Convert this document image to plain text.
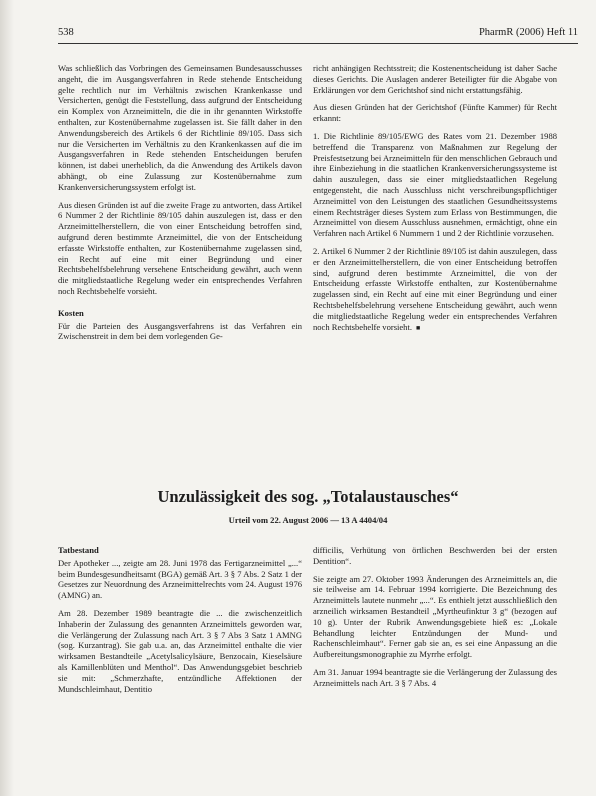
538	PharmR (2006) Heft 11

Was schließlich das Vorbringen des Gemeinsamen Bundesausschusses angeht, die im Ausgangsverfahren in Rede stehende Entscheidung gelte rechtlich nur im Verhältnis zwischen Krankenkasse und Versicherten, genügt die Feststellung, dass aufgrund der Entscheidung ein Komplex von Arzneimitteln, die die in ihr genannten Wirkstoffe enthalten, zur Kostenübernahme zugelassen ist. Sie fällt daher in den Anwendungsbereich des Artikels 6 der Richtlinie 89/105. Dass sich nur die Versicherten im Verhältnis zu den Krankenkassen auf die im Ausgangsverfahren in Rede stehenden Entscheidungen berufen können, ist dabei unerheblich, da die Anwendung des Artikels davon abhängt, ob eine Zulassung zur Kostenübernahme zum Krankenversicherungssystem erfolgt ist.

Aus diesen Gründen ist auf die zweite Frage zu antworten, dass Artikel 6 Nummer 2 der Richtlinie 89/105 dahin auszulegen ist, dass er den Arzneimittelherstellern, die von einer Entscheidung betroffen sind, aufgrund deren bestimmte Arzneimittel, die von der Entscheidung erfasste Wirkstoffe enthalten, zur Kostenübernahme zugelassen sind, ein Recht auf eine mit einer Begründung und einer Rechtsbehelfsbelehrung versehene Entscheidung gewährt, auch wenn die mitgliedstaatliche Regelung weder ein entsprechendes Verfahren noch Rechtsbehelfe vorsieht.

Kosten

Für die Parteien des Ausgangsverfahrens ist das Verfahren ein Zwischenstreit in dem bei dem vorlegenden Ge-

richt anhängigen Rechtsstreit; die Kostenentscheidung ist daher Sache dieses Gerichts. Die Auslagen anderer Beteiligter für die Abgabe von Erklärungen vor dem Gerichtshof sind nicht erstattungsfähig.

Aus diesen Gründen hat der Gerichtshof (Fünfte Kammer) für Recht erkannt:

1. Die Richtlinie 89/105/EWG des Rates vom 21. Dezember 1988 betreffend die Transparenz von Maßnahmen zur Regelung der Preisfestsetzung bei Arzneimitteln für den menschlichen Gebrauch und ihre Einbeziehung in die staatlichen Krankenversicherungssysteme ist dahin auszulegen, dass sie einer mitgliedstaatlichen Regelung entgegensteht, die nach Ausschluss nicht verschreibungspflichtiger Arzneimittel von den Leistungen des staatlichen Gesundheitssystems einem Rechtsträger dieses System zum Erlass von Bestimmungen, die Arzneimittel von diesem Ausschluss ausnehmen, ermächtigt, ohne ein Verfahren nach Artikel 6 Nummern 1 und 2 der Richtlinie vorzusehen.

2. Artikel 6 Nummer 2 der Richtlinie 89/105 ist dahin auszulegen, dass er den Arzneimittelherstellern, die von einer Entscheidung betroffen sind, aufgrund deren bestimmte Arzneimittel, die von der Entscheidung erfasste Wirkstoffe enthalten, zur Kostenübernahme zugelassen sind, ein Recht auf eine mit einer Begründung und einer Rechtsbehelfsbelehrung versehene Entscheidung gewährt, auch wenn die mitgliedstaatliche Regelung weder ein entsprechendes Verfahren noch Rechtsbehelfe vorsieht. ■

Unzulässigkeit des sog. „Totalaustausches“
Urteil vom 22. August 2006 — 13 A 4404/04
Tatbestand

Der Apotheker ..., zeigte am 28. Juni 1978 das Fertigarzneimittel „...“ beim Bundesgesundheitsamt (BGA) gemäß Art. 3 § 7 Abs. 2 Satz 1 der Gesetzes zur Neuordnung des Arzneimittelrechts vom 24. August 1976 (AMNG) an.

Am 28. Dezember 1989 beantragte die ... die zwischenzeitlich Inhaberin der Zulassung des genannten Arzneimittels geworden war, die Verlängerung der Zulassung nach Art. 3 § 7 Abs 3 Satz 1 AMNG (sog. Kurzantrag). Sie gab u.a. an, das Arzneimittel enthalte die vier wirksamen Bestandteile „Acetylsalicylsäure, Benzocain, Kieselsäure als Kamillenblüten und Menthol“. Das Anwendungsgebiet beschrieb sie mit: „Schmerzhafte, entzündliche Affektionen der Mundschleimhaut, Dentitio

difficilis, Verhütung von örtlichen Beschwerden bei der ersten Dentition“.

Sie zeigte am 27. Oktober 1993 Änderungen des Arzneimittels an, die sie teilweise am 14. Februar 1994 korrigierte. Die Bezeichnung des Arzneimittels lautete nunmehr „...“. Es enthielt jetzt ausschließlich den arzneilich wirksamen Bestandteil „Myrtheufinktur 3 g“ (bezogen auf 10 g). Unter der Rubrik Anwendungsgebiete hieß es: „Lokale Behandlung leichter Entzündungen der Mund- und Rachenschleimhaut“. Ferner gab sie an, es sei eine Anpassung an die Aufbereitungsmonographie zu Myrrhe erfolgt.

Am 31. Januar 1994 beantragte sie die Verlängerung der Zulassung des Arzneimittels nach Art. 3 § 7 Abs. 4
